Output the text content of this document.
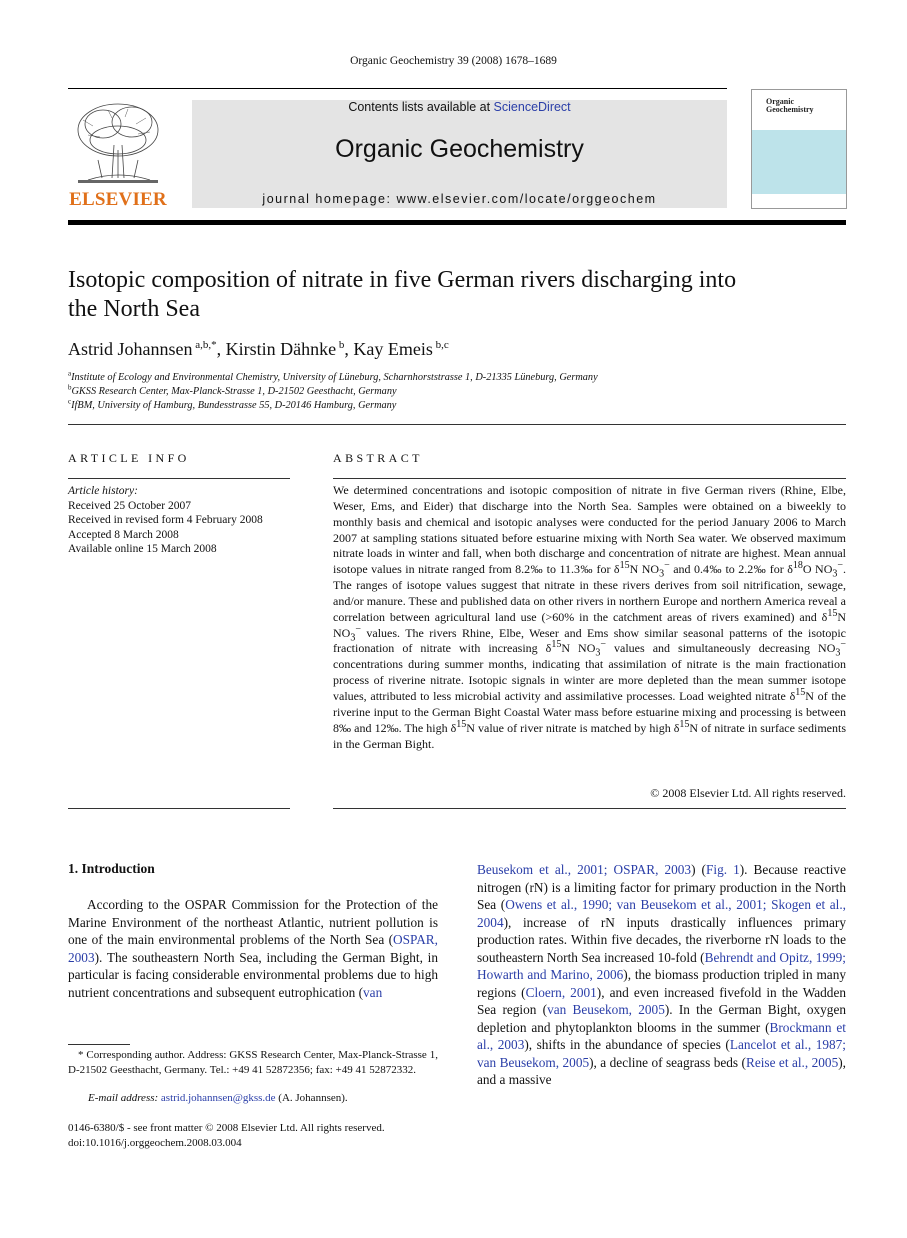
Organic Geochemistry 39 (2008) 1678–1689
ELSEVIER
Contents lists available at ScienceDirect
Organic Geochemistry
journal homepage: www.elsevier.com/locate/orggeochem
Organic Geochemistry
Isotopic composition of nitrate in five German rivers discharging into the North Sea
Astrid Johannsen $^{a,b,*}$, Kirstin Dähnke $^b$, Kay Emeis $^{b,c}$
$^a$Institute of Ecology and Environmental Chemistry, University of Lüneburg, Scharnhorststrasse 1, D-21335 Lüneburg, Germany
$^b$GKSS Research Center, Max-Planck-Strasse 1, D-21502 Geesthacht, Germany
$^c$IfBM, University of Hamburg, Bundesstrasse 55, D-20146 Hamburg, Germany
ARTICLE INFO
Article history:
Received 25 October 2007
Received in revised form 4 February 2008
Accepted 8 March 2008
Available online 15 March 2008
ABSTRACT
We determined concentrations and isotopic composition of nitrate in five German rivers (Rhine, Elbe, Weser, Ems, and Eider) that discharge into the North Sea. Samples were obtained on a biweekly to monthly basis and chemical and isotopic analyses were conducted for the period January 2006 to March 2007 at sampling stations situated before estuarine mixing with North Sea water. We observed maximum nitrate loads in winter and fall, when both discharge and concentration of nitrate are highest. Mean annual isotope values in nitrate ranged from 8.2‰ to 11.3‰ for $\delta^{15}N$ $NO_3^-$ and 0.4‰ to 2.2‰ for $\delta^{18}O$ $NO_3^-$. The ranges of isotope values suggest that nitrate in these rivers derives from soil nitrification, sewage, and/or manure. These and published data on other rivers in northern Europe and northern America reveal a correlation between agricultural land use (>60% in the catchment areas of rivers examined) and $\delta^{15}N$ $NO_3^-$ values. The rivers Rhine, Elbe, Weser and Ems show similar seasonal patterns of the isotopic fractionation of nitrate with increasing $\delta^{15}N$ $NO_3^-$ values and simultaneously decreasing $NO_3^-$ concentrations during summer months, indicating that assimilation of nitrate is the main fractionation process of riverine nitrate. Isotopic signals in winter are more depleted than the mean summer isotope values, attributed to less microbial activity and assimilative processes. Load weighted nitrate $\delta^{15}N$ of the riverine input to the German Bight Coastal Water mass before estuarine mixing and processing is between 8‰ and 12‰. The high $\delta^{15}N$ value of river nitrate is matched by high $\delta^{15}N$ of nitrate in surface sediments in the German Bight.
© 2008 Elsevier Ltd. All rights reserved.
1. Introduction

According to the OSPAR Commission for the Protection of the Marine Environment of the northeast Atlantic, nutrient pollution is one of the main environmental problems of the North Sea (OSPAR, 2003). The southeastern North Sea, including the German Bight, in particular is facing considerable environmental problems due to high nutrient concentrations and subsequent eutrophication (van

Beusekom et al., 2001; OSPAR, 2003) (Fig. 1). Because reactive nitrogen (rN) is a limiting factor for primary production in the North Sea (Owens et al., 1990; van Beusekom et al., 2001; Skogen et al., 2004), increase of rN inputs drastically influences primary production rates. Within five decades, the riverborne rN loads to the southeastern North Sea increased 10-fold (Behrendt and Opitz, 1999; Howarth and Marino, 2006), the biomass production tripled in many regions (Cloern, 2001), and even increased fivefold in the Wadden Sea region (van Beusekom, 2005). In the German Bight, oxygen depletion and phytoplankton blooms in the summer (Brockmann et al., 2003), shifts in the abundance of species (Lancelot et al., 1987; van Beusekom, 2005), a decline of seagrass beds (Reise et al., 2005), and a massive

* Corresponding author. Address: GKSS Research Center, Max-Planck-Strasse 1, D-21502 Geesthacht, Germany. Tel.: +49 41 52872356; fax: +49 41 52872332.
E-mail address: astrid.johannsen@gkss.de (A. Johannsen).
0146-6380/$ - see front matter © 2008 Elsevier Ltd. All rights reserved.
doi:10.1016/j.orggeochem.2008.03.004
